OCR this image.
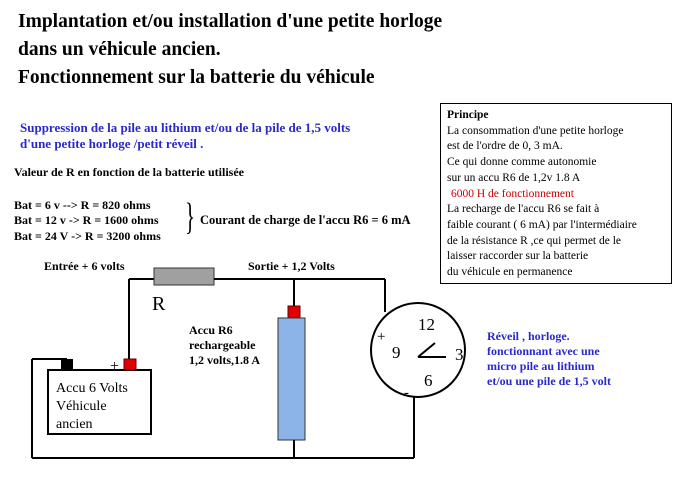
Implantation et/ou installation d'une petite horloge
dans un véhicule ancien.
Fonctionnement sur la batterie du véhicule
Suppression de la pile au lithium et/ou de la pile de 1,5 volts
d'une petite horloge /petit réveil .
Valeur de R en fonction de la batterie utilisée
Bat = 6 v --> R = 820 ohms
Bat = 12 v -> R = 1600 ohms
Bat = 24 V -> R = 3200 ohms } Courant de charge de l'accu R6 = 6 mA
Principe
La consommation d'une petite horloge
est de l'ordre de 0, 3 mA.
Ce qui donne comme autonomie
sur un accu R6 de 1,2v 1.8 A
6000 H de fonctionnement
La recharge de l'accu R6 se fait à
faible courant ( 6 mA) par l'intermédiaire
de la résistance R ,ce qui permet de le
laisser raccorder sur la batterie
du véhicule en permanence
R
+
+
-
12
3
9
6
Entrée + 6 volts	Sortie + 1,2 Volts
Accu 6 Volts
Véhicule
ancien
Accu R6
rechargeable
1,2 volts,1.8 A
Réveil , horloge.
fonctionnant avec une
micro pile au lithium
et/ou une pile de 1,5 volt
